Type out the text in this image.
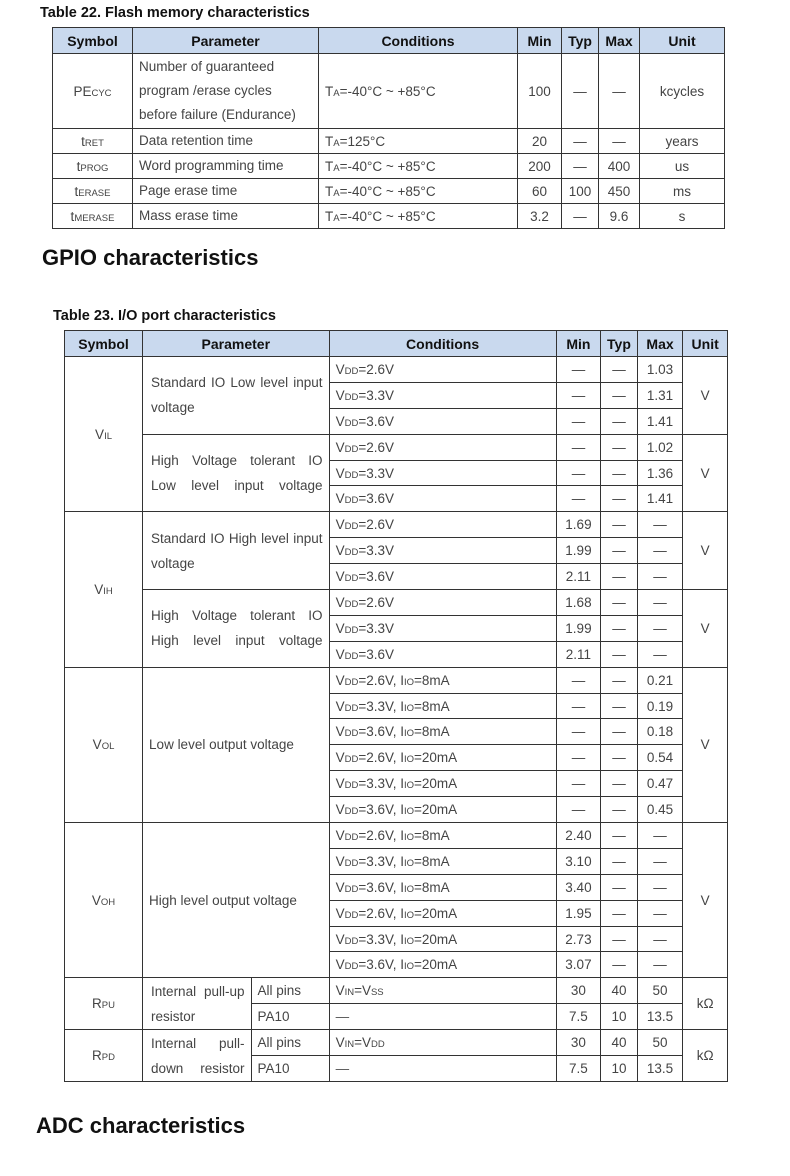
Table 22. Flash memory characteristics
Symbol	Parameter	Conditions	Min	Typ	Max	Unit
PECYC	Number of guaranteed
program /erase cycles
before failure (Endurance)	TA=-40°C ~ +85°C	100	—	—	kcycles
tRET	Data retention time	TA=125°C	20	—	—	years
tPROG	Word programming time	TA=-40°C ~ +85°C	200	—	400	us
tERASE	Page erase time	TA=-40°C ~ +85°C	60	100	450	ms
tMERASE	Mass erase time	TA=-40°C ~ +85°C	3.2	—	9.6	s
GPIO characteristics
Table 23. I/O port characteristics
Symbol	Parameter		Conditions	Min	Typ	Max	Unit
VIL	Standard IO Low level input voltage		VDD=2.6V	—	—	1.03	V
			VDD=3.3V	—	—	1.31	
			VDD=3.6V	—	—	1.41	
	High Voltage tolerant IO Low level input voltage		VDD=2.6V	—	—	1.02	V
			VDD=3.3V	—	—	1.36	
			VDD=3.6V	—	—	1.41	
VIH	Standard IO High level input voltage		VDD=2.6V	1.69	—	—	V
			VDD=3.3V	1.99	—	—	
			VDD=3.6V	2.11	—	—	
	High Voltage tolerant IO High level input voltage		VDD=2.6V	1.68	—	—	V
			VDD=3.3V	1.99	—	—	
			VDD=3.6V	2.11	—	—	
VOL	Low level output voltage		VDD=2.6V, IIO=8mA	—	—	0.21	V
			VDD=3.3V, IIO=8mA	—	—	0.19	
			VDD=3.6V, IIO=8mA	—	—	0.18	
			VDD=2.6V, IIO=20mA	—	—	0.54	
			VDD=3.3V, IIO=20mA	—	—	0.47	
			VDD=3.6V, IIO=20mA	—	—	0.45	
VOH	High level output voltage		VDD=2.6V, IIO=8mA	2.40	—	—	V
			VDD=3.3V, IIO=8mA	3.10	—	—	
			VDD=3.6V, IIO=8mA	3.40	—	—	
			VDD=2.6V, IIO=20mA	1.95	—	—	
			VDD=3.3V, IIO=20mA	2.73	—	—	
			VDD=3.6V, IIO=20mA	3.07	—	—	
RPU	Internal pull-up resistor	All pins	VIN=VSS	30	40	50	kΩ
		PA10	—	7.5	10	13.5	
RPD	Internal pull-down resistor	All pins	VIN=VDD	30	40	50	kΩ
		PA10	—	7.5	10	13.5	
ADC characteristics
